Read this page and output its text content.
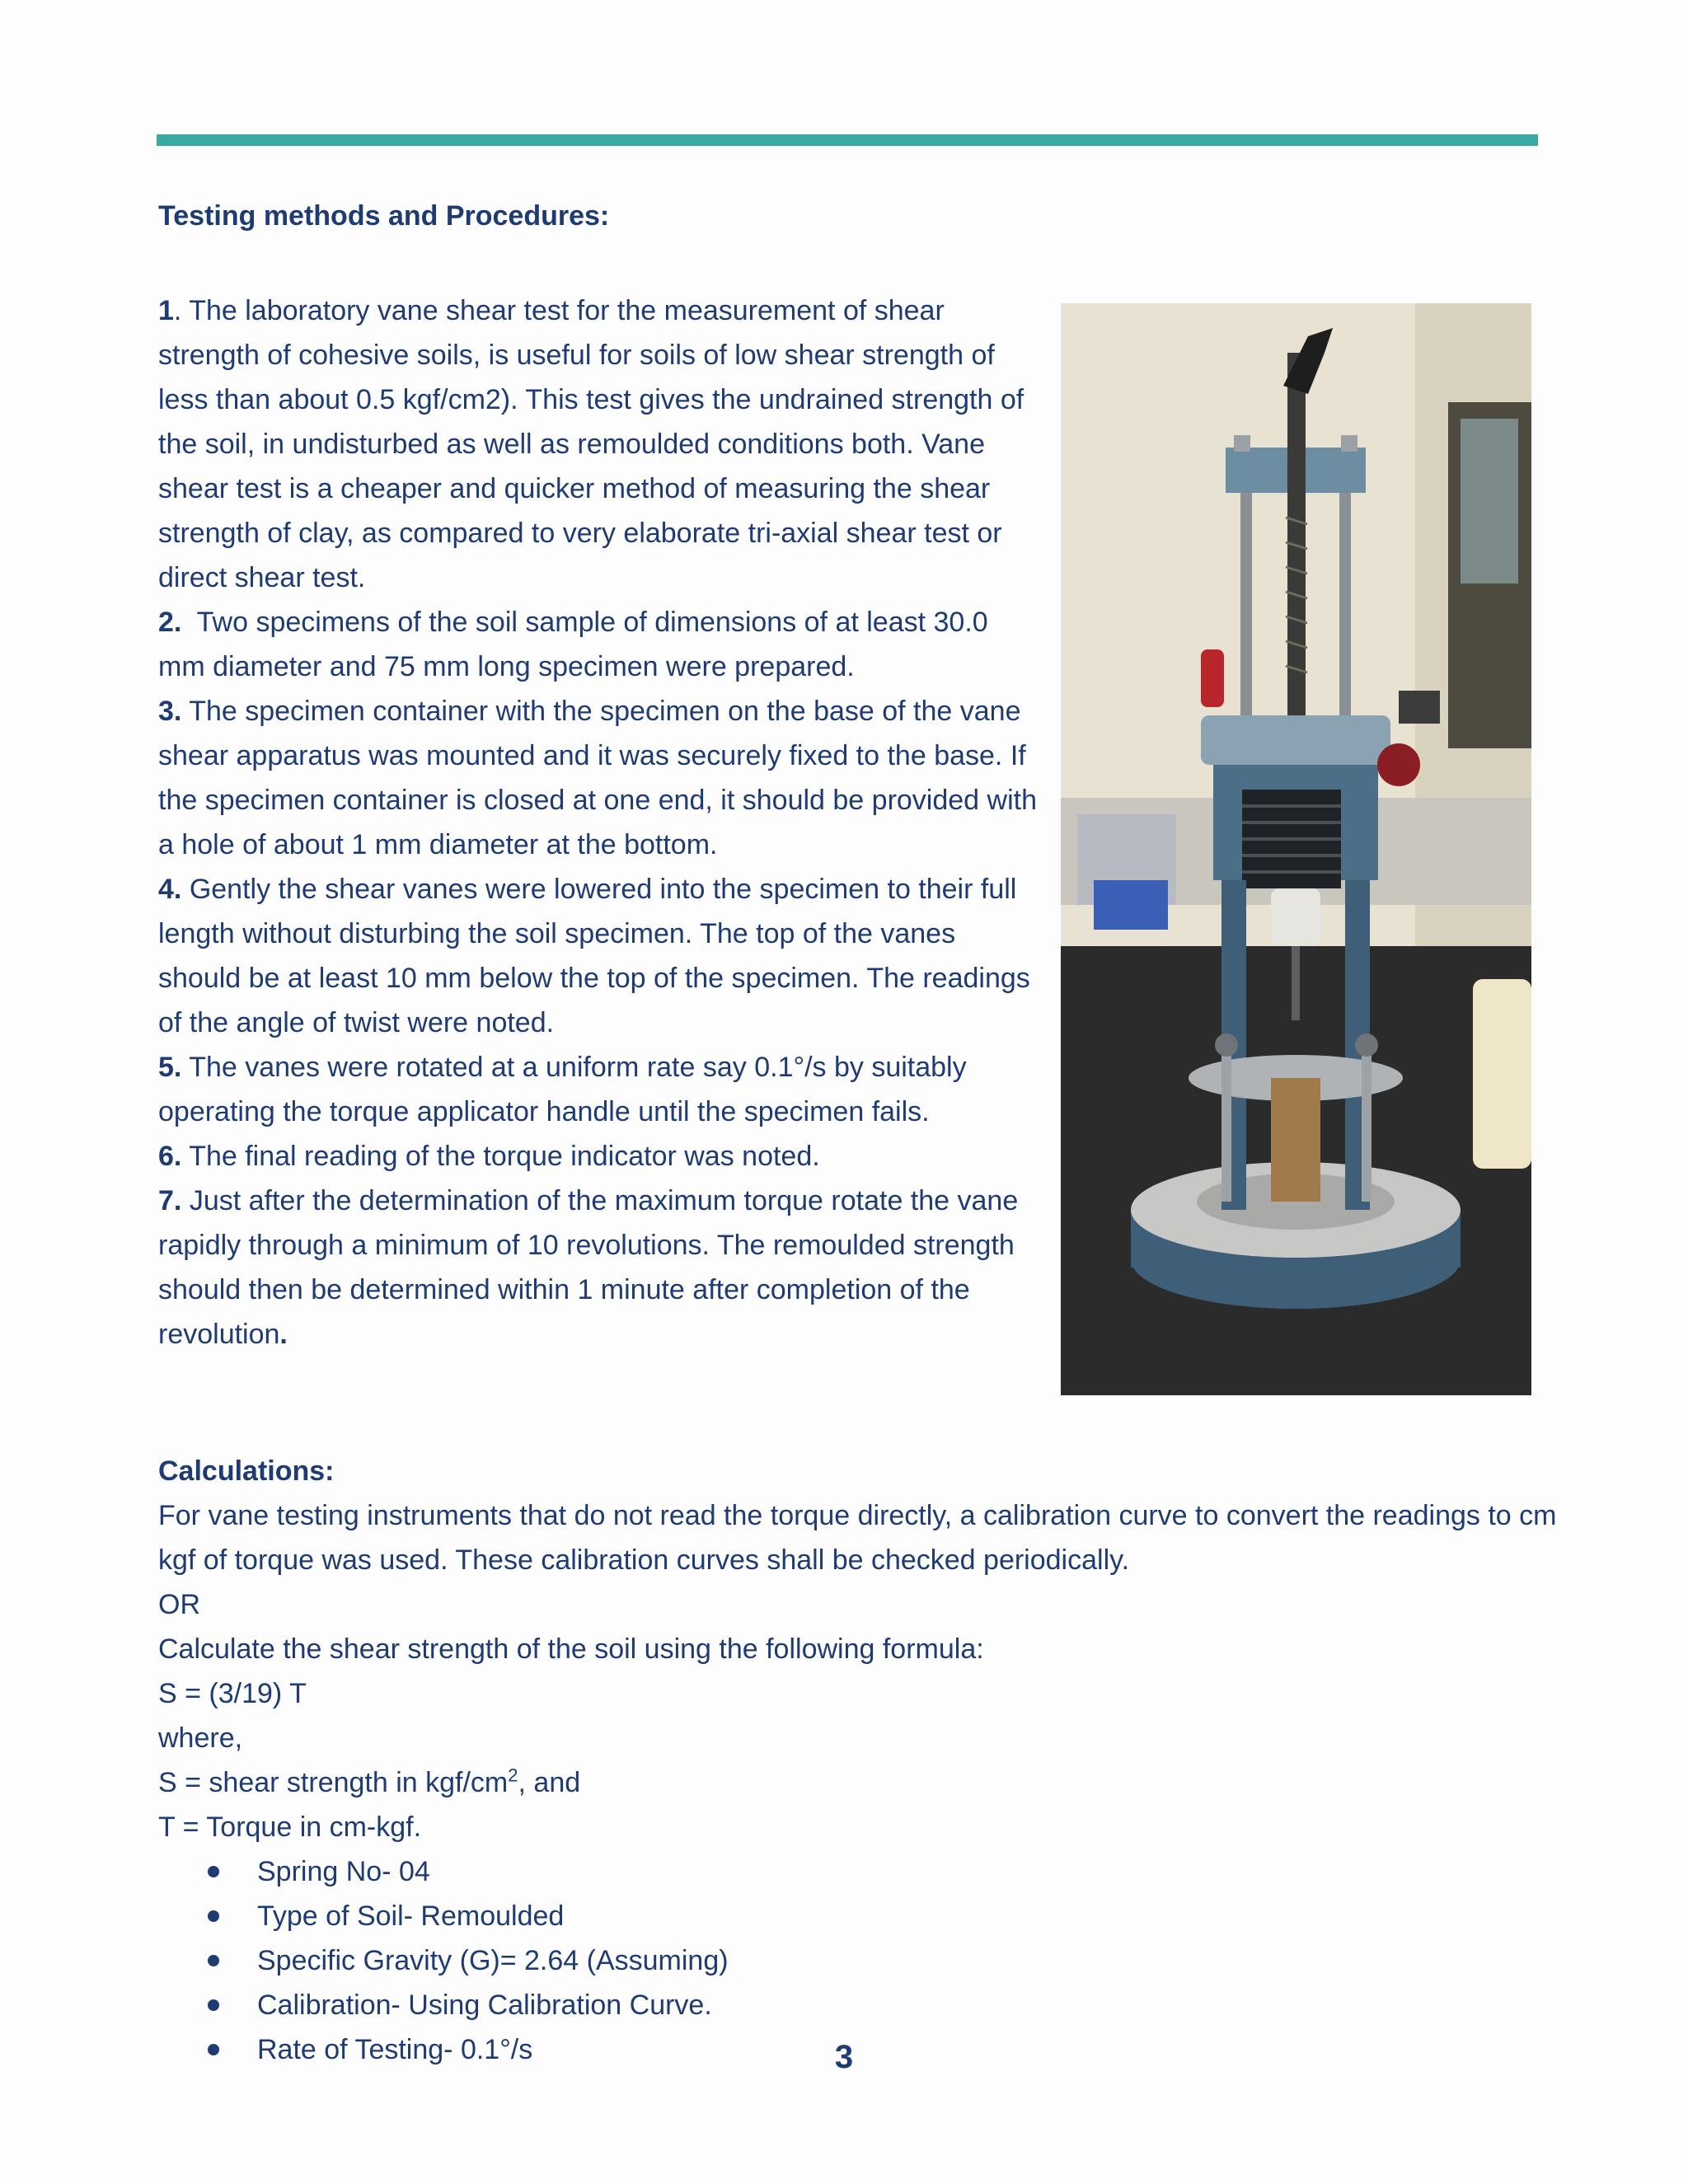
Testing methods and Procedures:

1. The laboratory vane shear test for the measurement of shear strength of cohesive soils, is useful for soils of low shear strength of less than about 0.5 kgf/cm2). This test gives the undrained strength of the soil, in undisturbed as well as remoulded conditions both. Vane shear test is a cheaper and quicker method of measuring the shear strength of clay, as compared to very elaborate tri-axial shear test or direct shear test.

2. Two specimens of the soil sample of dimensions of at least 30.0 mm diameter and 75 mm long specimen were prepared.

3. The specimen container with the specimen on the base of the vane shear apparatus was mounted and it was securely fixed to the base. If the specimen container is closed at one end, it should be provided with a hole of about 1 mm diameter at the bottom.

4. Gently the shear vanes were lowered into the specimen to their full length without disturbing the soil specimen. The top of the vanes should be at least 10 mm below the top of the specimen. The readings of the angle of twist were noted.

5. The vanes were rotated at a uniform rate say 0.1°/s by suitably operating the torque applicator handle until the specimen fails.

6. The final reading of the torque indicator was noted.

7. Just after the determination of the maximum torque rotate the vane rapidly through a minimum of 10 revolutions. The remoulded strength should then be determined within 1 minute after completion of the revolution.

Calculations:

For vane testing instruments that do not read the torque directly, a calibration curve to convert the readings to cm kgf of torque was used. These calibration curves shall be checked periodically.

OR

Calculate the shear strength of the soil using the following formula:

S = (3/19) T

where,

S = shear strength in kgf/$cm^2$, and

T = Torque in cm-kgf.

Spring No- 04
Type of Soil- Remoulded
Specific Gravity (G)= 2.64 (Assuming)
Calibration- Using Calibration Curve.
Rate of Testing- 0.1°/s	3
